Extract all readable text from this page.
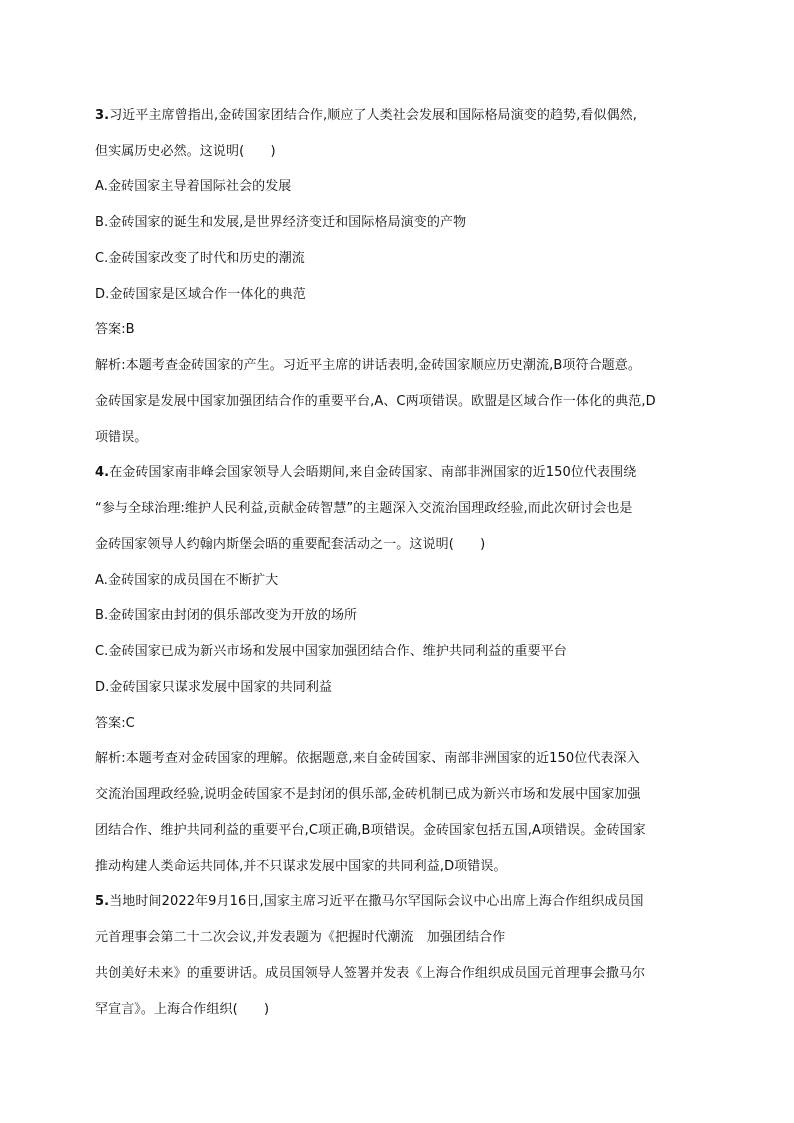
3.习近平主席曾指出,金砖国家团结合作,顺应了人类社会发展和国际格局演变的趋势,看似偶然,
但实属历史必然。这说明(　　)
A.金砖国家主导着国际社会的发展
B.金砖国家的诞生和发展,是世界经济变迁和国际格局演变的产物
C.金砖国家改变了时代和历史的潮流
D.金砖国家是区域合作一体化的典范
答案:B
解析:本题考查金砖国家的产生。习近平主席的讲话表明,金砖国家顺应历史潮流,B项符合题意。
金砖国家是发展中国家加强团结合作的重要平台,A、C两项错误。欧盟是区域合作一体化的典范,D
项错误。
4.在金砖国家南非峰会国家领导人会晤期间,来自金砖国家、南部非洲国家的近150位代表围绕
“参与全球治理:维护人民利益,贡献金砖智慧”的主题深入交流治国理政经验,而此次研讨会也是
金砖国家领导人约翰内斯堡会晤的重要配套活动之一。这说明(　　)
A.金砖国家的成员国在不断扩大
B.金砖国家由封闭的俱乐部改变为开放的场所
C.金砖国家已成为新兴市场和发展中国家加强团结合作、维护共同利益的重要平台
D.金砖国家只谋求发展中国家的共同利益
答案:C
解析:本题考查对金砖国家的理解。依据题意,来自金砖国家、南部非洲国家的近150位代表深入
交流治国理政经验,说明金砖国家不是封闭的俱乐部,金砖机制已成为新兴市场和发展中国家加强
团结合作、维护共同利益的重要平台,C项正确,B项错误。金砖国家包括五国,A项错误。金砖国家
推动构建人类命运共同体,并不只谋求发展中国家的共同利益,D项错误。
5.当地时间2022年9月16日,国家主席习近平在撒马尔罕国际会议中心出席上海合作组织成员国
元首理事会第二十二次会议,并发表题为《把握时代潮流　加强团结合作
共创美好未来》的重要讲话。成员国领导人签署并发表《上海合作组织成员国元首理事会撒马尔
罕宣言》。上海合作组织(　　)
